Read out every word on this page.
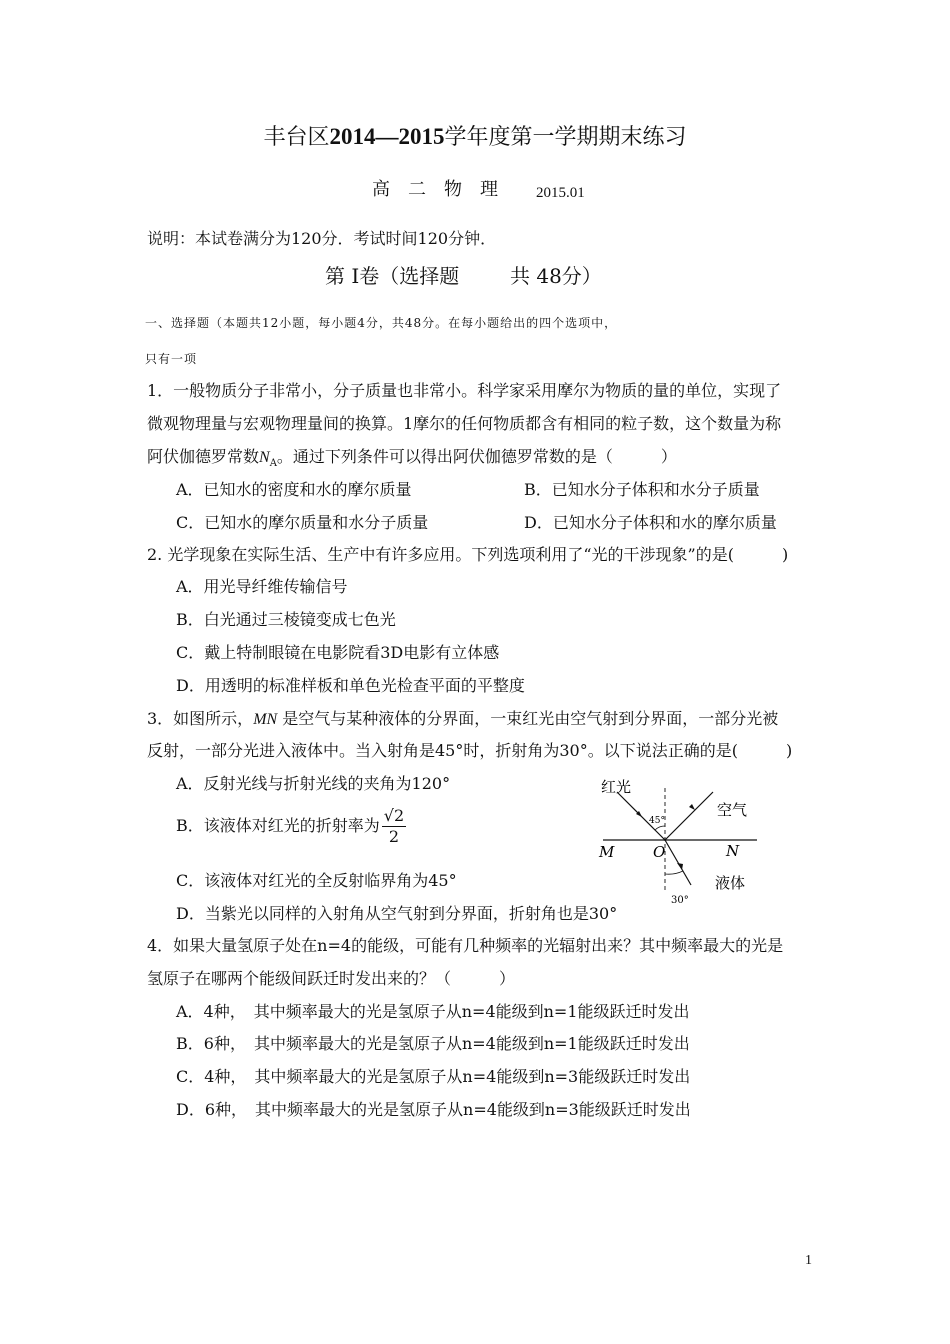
丰台区2014—2015学年度第一学期期末练习
高二物理 2015.01
说明：本试卷满分为120分．考试时间120分钟．
第 Ⅰ卷（选择题	共 48分）
一、选择题（本题共12小题，每小题4分，共48分。在每小题给出的四个选项中，
只有一项
1．一般物质分子非常小，分子质量也非常小。科学家采用摩尔为物质的量的单位，实现了
微观物理量与宏观物理量间的换算。1摩尔的任何物质都含有相同的粒子数，这个数量为称
阿伏伽德罗常数$N_A$。通过下列条件可以得出阿伏伽德罗常数的是（　　　）
A．已知水的密度和水的摩尔质量	B．已知水分子体积和水分子质量
C．已知水的摩尔质量和水分子质量	D．已知水分子体积和水的摩尔质量
2. 光学现象在实际生活、生产中有许多应用。下列选项利用了“光的干涉现象”的是(　　　)
A．用光导纤维传输信号
B．白光通过三棱镜变成七色光
C．戴上特制眼镜在电影院看3D电影有立体感
D．用透明的标准样板和单色光检查平面的平整度
3．如图所示，MN 是空气与某种液体的分界面，一束红光由空气射到分界面，一部分光被
反射，一部分光进入液体中。当入射角是45°时，折射角为30°。以下说法正确的是(　　　)
A．反射光线与折射光线的夹角为120°
B．该液体对红光的折射率为 $\frac{√2}{2}$
C．该液体对红光的全反射临界角为45°
D．当紫光以同样的入射角从空气射到分界面，折射角也是30°
红光
空气
液体
M	O	N
45°
30°
4．如果大量氢原子处在n=4的能级，可能有几种频率的光辐射出来？其中频率最大的光是
氢原子在哪两个能级间跃迁时发出来的？（　　　）
A．4种，　其中频率最大的光是氢原子从n=4能级到n=1能级跃迁时发出
B．6种，　其中频率最大的光是氢原子从n=4能级到n=1能级跃迁时发出
C．4种，　其中频率最大的光是氢原子从n=4能级到n=3能级跃迁时发出
D．6种，　其中频率最大的光是氢原子从n=4能级到n=3能级跃迁时发出
1
